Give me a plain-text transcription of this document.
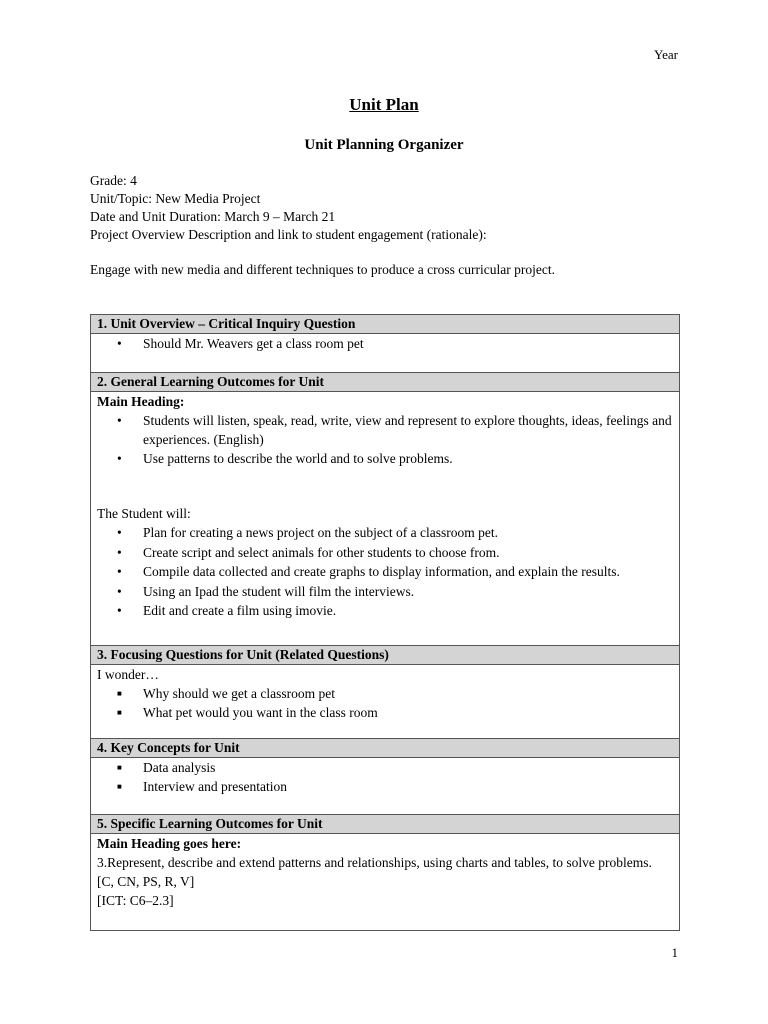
Year
Unit Plan
Unit Planning Organizer
Grade: 4
Unit/Topic: New Media Project
Date and Unit Duration: March 9 – March 21
Project Overview Description and link to student engagement (rationale):
Engage with new media and different techniques to produce a cross curricular project.
1. Unit Overview – Critical Inquiry Question
• Should Mr. Weavers get a class room pet
2. General Learning Outcomes for Unit
Main Heading:
• Students will listen, speak, read, write, view and represent to explore thoughts, ideas, feelings and experiences. (English)
• Use patterns to describe the world and to solve problems.
The Student will:
• Plan for creating a news project on the subject of a classroom pet.
• Create script and select animals for other students to choose from.
• Compile data collected and create graphs to display information, and explain the results.
• Using an Ipad the student will film the interviews.
• Edit and create a film using imovie.
3. Focusing Questions for Unit (Related Questions)
I wonder…
■ Why should we get a classroom pet
■ What pet would you want in the class room
4. Key Concepts for Unit
■ Data analysis
■ Interview and presentation
5. Specific Learning Outcomes for Unit
Main Heading goes here:
3.Represent, describe and extend patterns and relationships, using charts and tables, to solve problems.
[C, CN, PS, R, V]
[ICT: C6–2.3]
1
